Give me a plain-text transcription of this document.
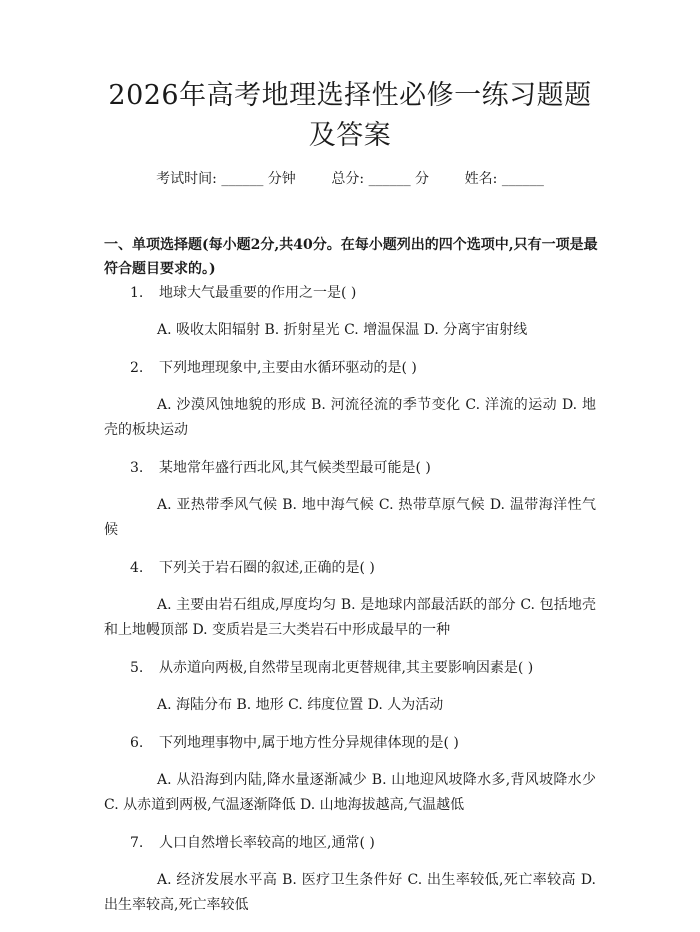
2026年高考地理选择性必修一练习题题及答案
考试时间: ______ 分钟	总分: ______ 分	姓名: ______
一、单项选择题(每小题2分,共40分。在每小题列出的四个选项中,只有一项是最符合题目要求的。)
1. 地球大气最重要的作用之一是( )
A. 吸收太阳辐射 B. 折射星光 C. 增温保温 D. 分离宇宙射线
2. 下列地理现象中,主要由水循环驱动的是( )
A. 沙漠风蚀地貌的形成 B. 河流径流的季节变化 C. 洋流的运动 D. 地壳的板块运动
3. 某地常年盛行西北风,其气候类型最可能是( )
A. 亚热带季风气候 B. 地中海气候 C. 热带草原气候 D. 温带海洋性气候
4. 下列关于岩石圈的叙述,正确的是( )
A. 主要由岩石组成,厚度均匀 B. 是地球内部最活跃的部分 C. 包括地壳和上地幔顶部 D. 变质岩是三大类岩石中形成最早的一种
5. 从赤道向两极,自然带呈现南北更替规律,其主要影响因素是( )
A. 海陆分布 B. 地形 C. 纬度位置 D. 人为活动
6. 下列地理事物中,属于地方性分异规律体现的是( )
A. 从沿海到内陆,降水量逐渐减少 B. 山地迎风坡降水多,背风坡降水少 C. 从赤道到两极,气温逐渐降低 D. 山地海拔越高,气温越低
7. 人口自然增长率较高的地区,通常( )
A. 经济发展水平高 B. 医疗卫生条件好 C. 出生率较低,死亡率较高 D. 出生率较高,死亡率较低
